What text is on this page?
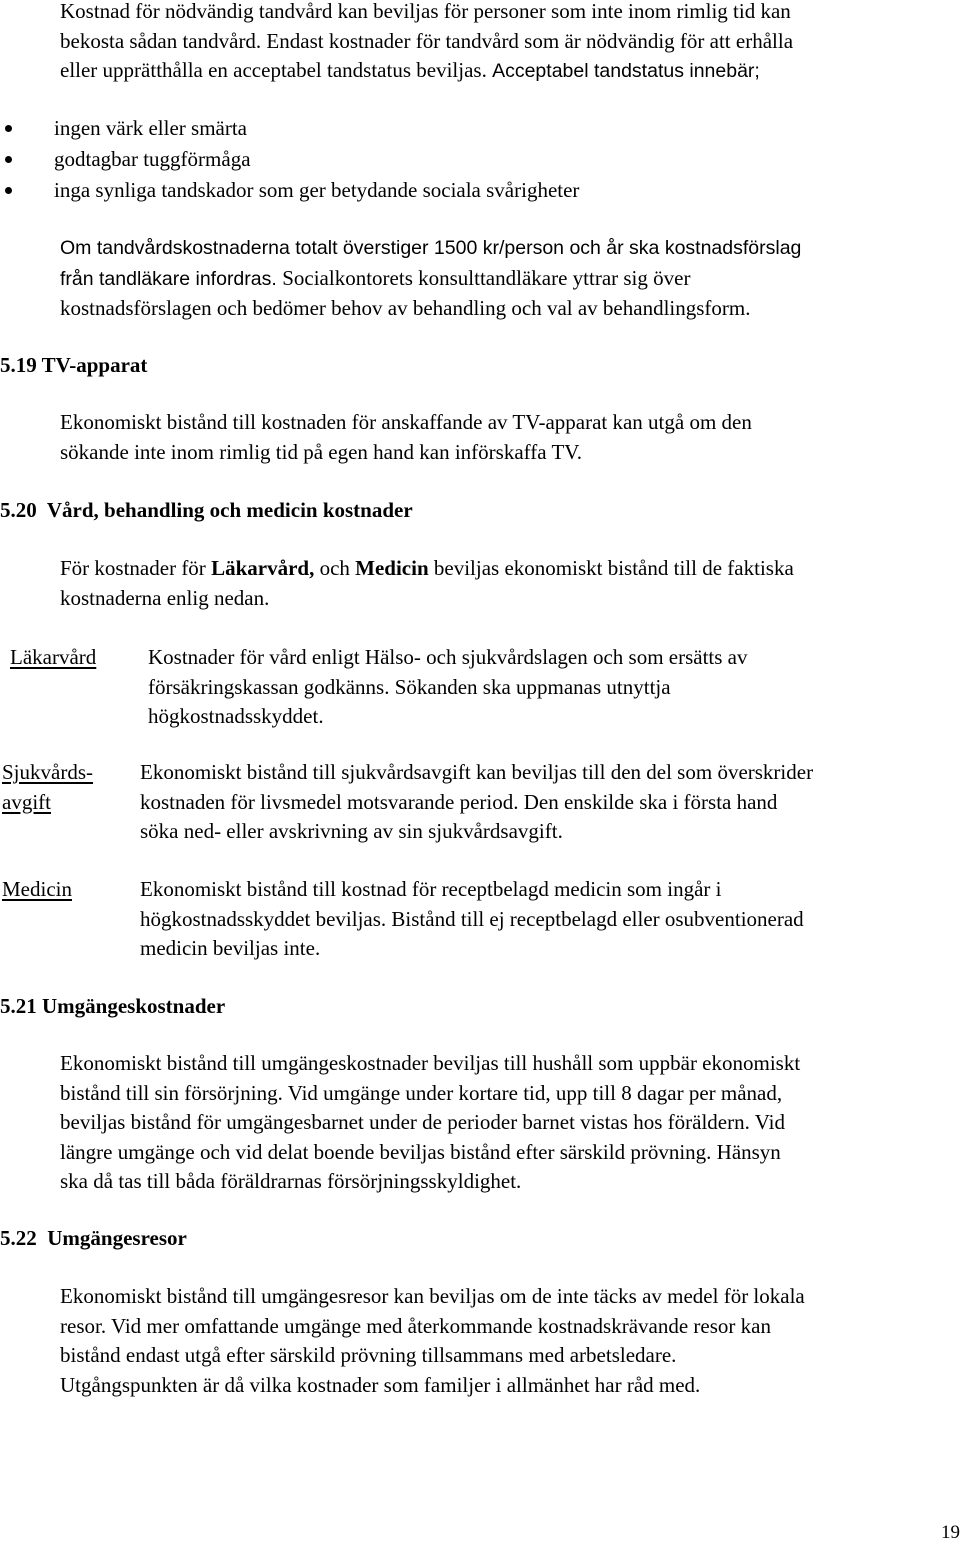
Kostnad för nödvändig tandvård kan beviljas för personer som inte inom rimlig tid kan
bekosta sådan tandvård. Endast kostnader för tandvård som är nödvändig för att erhålla
eller upprätthålla en acceptabel tandstatus beviljas. Acceptabel tandstatus innebär;
ingen värk eller smärta
godtagbar tuggförmåga
inga synliga tandskador som ger betydande sociala svårigheter
Om tandvårdskostnaderna totalt överstiger 1500 kr/person och år ska kostnadsförslag
från tandläkare infordras. Socialkontorets konsulttandläkare yttrar sig över
kostnadsförslagen och bedömer behov av behandling och val av behandlingsform.
5.19 TV-apparat
Ekonomiskt bistånd till kostnaden för anskaffande av TV-apparat kan utgå om den
sökande inte inom rimlig tid på egen hand kan införskaffa TV.
5.20  Vård, behandling och medicin kostnader
För kostnader för Läkarvård, och Medicin beviljas ekonomiskt bistånd till de faktiska
kostnaderna enlig nedan.
Läkarvård Kostnader för vård enligt Hälso- och sjukvårdslagen och som ersätts av
försäkringskassan godkänns. Sökanden ska uppmanas utnyttja
högkostnadsskyddet.
Sjukvårds-
avgift
Ekonomiskt bistånd till sjukvårdsavgift kan beviljas till den del som överskrider
kostnaden för livsmedel motsvarande period. Den enskilde ska i första hand
söka ned- eller avskrivning av sin sjukvårdsavgift.
Medicin	Ekonomiskt bistånd till kostnad för receptbelagd medicin som ingår i
högkostnadsskyddet beviljas. Bistånd till ej receptbelagd eller osubventionerad
medicin beviljas inte.
5.21 Umgängeskostnader
Ekonomiskt bistånd till umgängeskostnader beviljas till hushåll som uppbär ekonomiskt
bistånd till sin försörjning. Vid umgänge under kortare tid, upp till 8 dagar per månad,
beviljas bistånd för umgängesbarnet under de perioder barnet vistas hos föräldern. Vid
längre umgänge och vid delat boende beviljas bistånd efter särskild prövning. Hänsyn
ska då tas till båda föräldrarnas försörjningsskyldighet.
5.22  Umgängesresor
Ekonomiskt bistånd till umgängesresor kan beviljas om de inte täcks av medel för lokala
resor. Vid mer omfattande umgänge med återkommande kostnadskrävande resor kan
bistånd endast utgå efter särskild prövning tillsammans med arbetsledare.
Utgångspunkten är då vilka kostnader som familjer i allmänhet har råd med.
19
